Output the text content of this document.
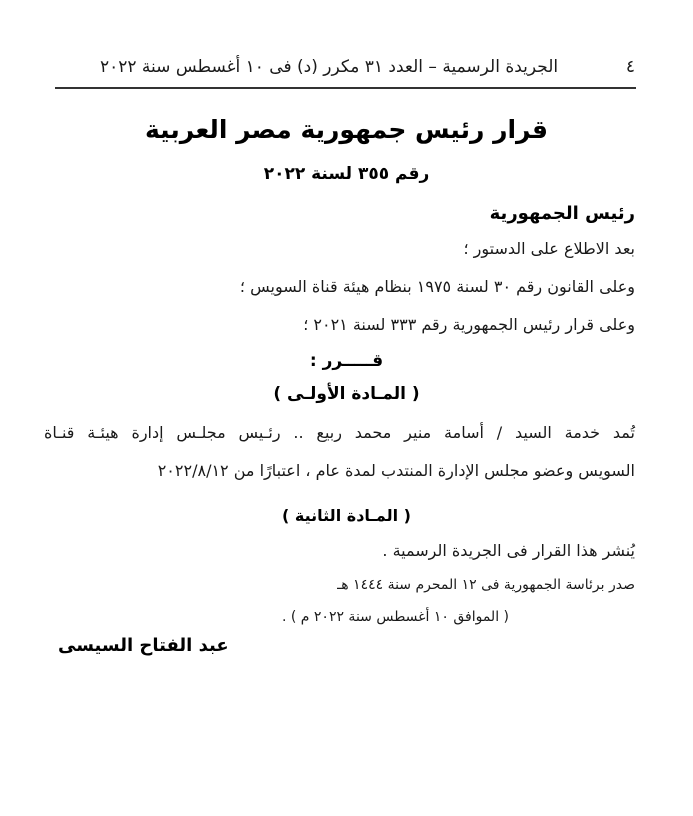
٤
الجريدة الرسمية – العدد ٣١ مكرر (د) فى ١٠ أغسطس سنة ٢٠٢٢
قرار رئيس جمهورية مصر العربية
رقم ٣٥٥ لسنة ٢٠٢٢
رئيس الجمهورية
بعد الاطلاع على الدستور ؛
وعلى القانون رقم ٣٠ لسنة ١٩٧٥ بنظام هيئة قناة السويس ؛
وعلى قرار رئيس الجمهورية رقم ٣٣٣ لسنة ٢٠٢١ ؛
قـــــرر :
( المـادة الأولـى )
تُمد خدمة السيد / أسامة منير محمد ربيع .. رئـيس مجلـس إدارة هيئـة قنـاة
السويس وعضو مجلس الإدارة المنتدب لمدة عام ، اعتبارًا من ٢٠٢٢/٨/١٢
( المـادة الثانية )
يُنشر هذا القرار فى الجريدة الرسمية .
صدر برئاسة الجمهورية فى ١٢ المحرم سنة ١٤٤٤ هـ
( الموافق ١٠ أغسطس سنة ٢٠٢٢ م ) .
عبد الفتاح السيسى
